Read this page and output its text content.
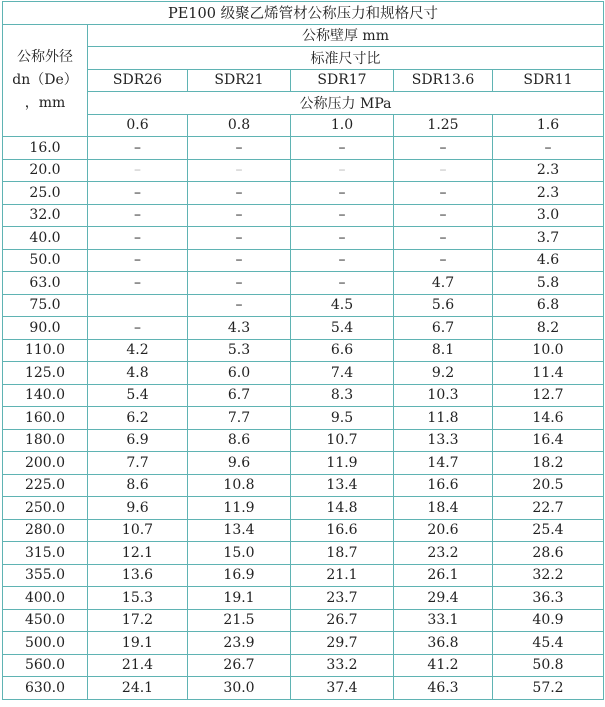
PE100 级聚乙烯管材公称压力和规格尺寸					

公称外径
dn（De）
，mm	公称壁厚 mm				
	标准尺寸比				
	SDR26	SDR21	SDR17	SDR13.6	SDR11
	公称压力 MPa				
	0.6	0.8	1.0	1.25	1.6
16.0	–	–	–	–	–
20.0	–	–	–	–	2.3
25.0	–	–	–	–	2.3
32.0	–	–	–	–	3.0
40.0	–	–	–	–	3.7
50.0	–	–	–	–	4.6
63.0	–	–	–	4.7	5.8
75.0		–	4.5	5.6	6.8
90.0	–	4.3	5.4	6.7	8.2
110.0	4.2	5.3	6.6	8.1	10.0
125.0	4.8	6.0	7.4	9.2	11.4
140.0	5.4	6.7	8.3	10.3	12.7
160.0	6.2	7.7	9.5	11.8	14.6
180.0	6.9	8.6	10.7	13.3	16.4
200.0	7.7	9.6	11.9	14.7	18.2
225.0	8.6	10.8	13.4	16.6	20.5
250.0	9.6	11.9	14.8	18.4	22.7
280.0	10.7	13.4	16.6	20.6	25.4
315.0	12.1	15.0	18.7	23.2	28.6
355.0	13.6	16.9	21.1	26.1	32.2
400.0	15.3	19.1	23.7	29.4	36.3
450.0	17.2	21.5	26.7	33.1	40.9
500.0	19.1	23.9	29.7	36.8	45.4
560.0	21.4	26.7	33.2	41.2	50.8
630.0	24.1	30.0	37.4	46.3	57.2
